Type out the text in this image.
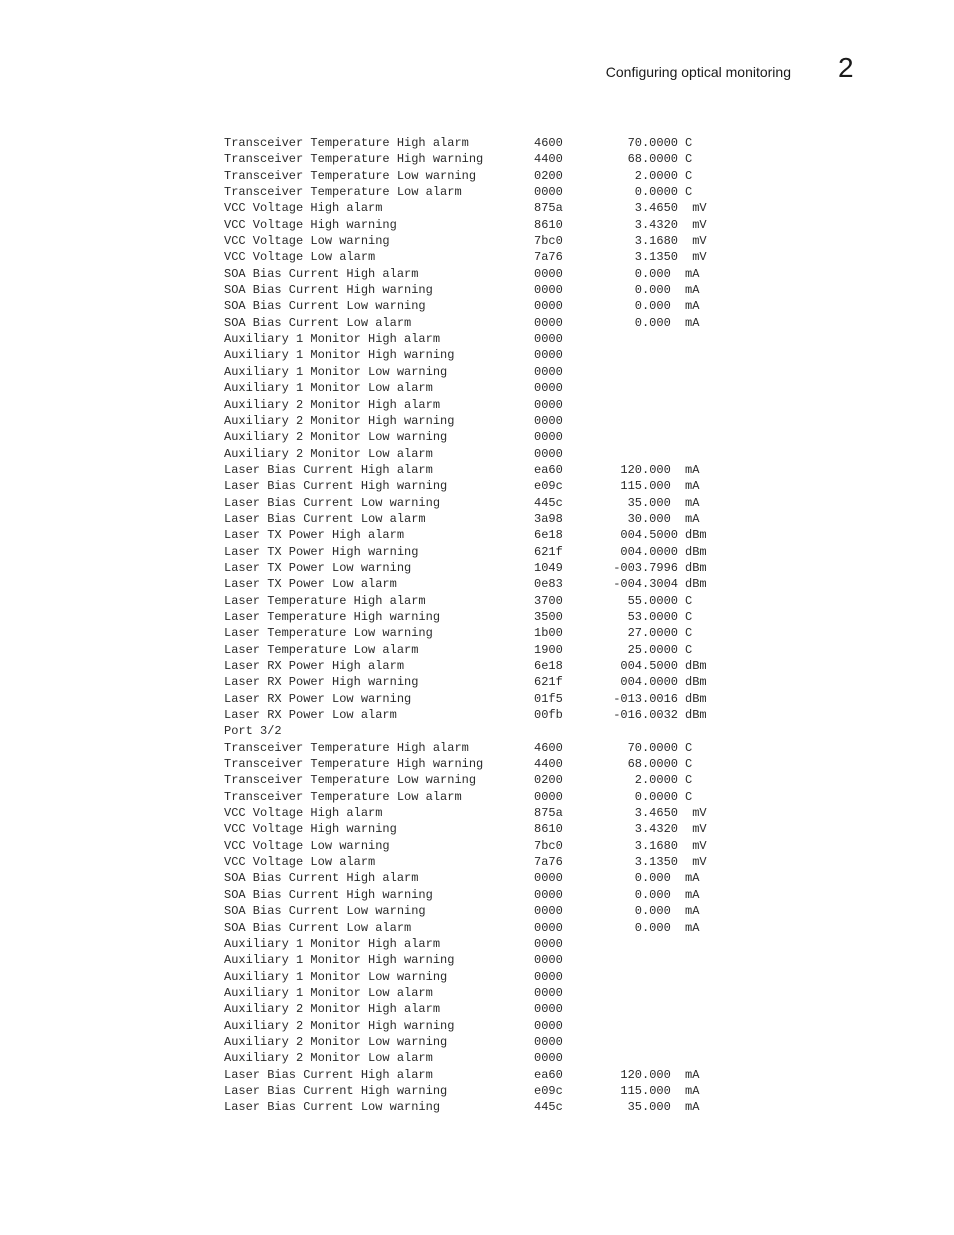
Configuring optical monitoring 2
Transceiver Temperature High alarm	4600	70.0000 C
Transceiver Temperature High warning	4400	68.0000 C
Transceiver Temperature Low warning	0200	2.0000 C
Transceiver Temperature Low alarm	0000	0.0000 C
VCC Voltage High alarm	875a	3.4650 mV
VCC Voltage High warning	8610	3.4320 mV
VCC Voltage Low warning	7bc0	3.1680 mV
VCC Voltage Low alarm	7a76	3.1350 mV
SOA Bias Current High alarm	0000	0.000 mA
SOA Bias Current High warning	0000	0.000 mA
SOA Bias Current Low warning	0000	0.000 mA
SOA Bias Current Low alarm	0000	0.000 mA
Auxiliary 1 Monitor High alarm	0000
Auxiliary 1 Monitor High warning	0000
Auxiliary 1 Monitor Low warning	0000
Auxiliary 1 Monitor Low alarm	0000
Auxiliary 2 Monitor High alarm	0000
Auxiliary 2 Monitor High warning	0000
Auxiliary 2 Monitor Low warning	0000
Auxiliary 2 Monitor Low alarm	0000
Laser Bias Current High alarm	ea60	120.000 mA
Laser Bias Current High warning	e09c	115.000 mA
Laser Bias Current Low warning	445c	35.000 mA
Laser Bias Current Low alarm	3a98	30.000 mA
Laser TX Power High alarm	6e18	004.5000 dBm
Laser TX Power High warning	621f	004.0000 dBm
Laser TX Power Low warning	1049	-003.7996 dBm
Laser TX Power Low alarm	0e83	-004.3004 dBm
Laser Temperature High alarm	3700	55.0000 C
Laser Temperature High warning	3500	53.0000 C
Laser Temperature Low warning	1b00	27.0000 C
Laser Temperature Low alarm	1900	25.0000 C
Laser RX Power High alarm	6e18	004.5000 dBm
Laser RX Power High warning	621f	004.0000 dBm
Laser RX Power Low warning	01f5	-013.0016 dBm
Laser RX Power Low alarm	00fb	-016.0032 dBm
Port 3/2
Transceiver Temperature High alarm	4600	70.0000 C
Transceiver Temperature High warning	4400	68.0000 C
Transceiver Temperature Low warning	0200	2.0000 C
Transceiver Temperature Low alarm	0000	0.0000 C
VCC Voltage High alarm	875a	3.4650 mV
VCC Voltage High warning	8610	3.4320 mV
VCC Voltage Low warning	7bc0	3.1680 mV
VCC Voltage Low alarm	7a76	3.1350 mV
SOA Bias Current High alarm	0000	0.000 mA
SOA Bias Current High warning	0000	0.000 mA
SOA Bias Current Low warning	0000	0.000 mA
SOA Bias Current Low alarm	0000	0.000 mA
Auxiliary 1 Monitor High alarm	0000
Auxiliary 1 Monitor High warning	0000
Auxiliary 1 Monitor Low warning	0000
Auxiliary 1 Monitor Low alarm	0000
Auxiliary 2 Monitor High alarm	0000
Auxiliary 2 Monitor High warning	0000
Auxiliary 2 Monitor Low warning	0000
Auxiliary 2 Monitor Low alarm	0000
Laser Bias Current High alarm	ea60	120.000 mA
Laser Bias Current High warning	e09c	115.000 mA
Laser Bias Current Low warning	445c	35.000 mA
